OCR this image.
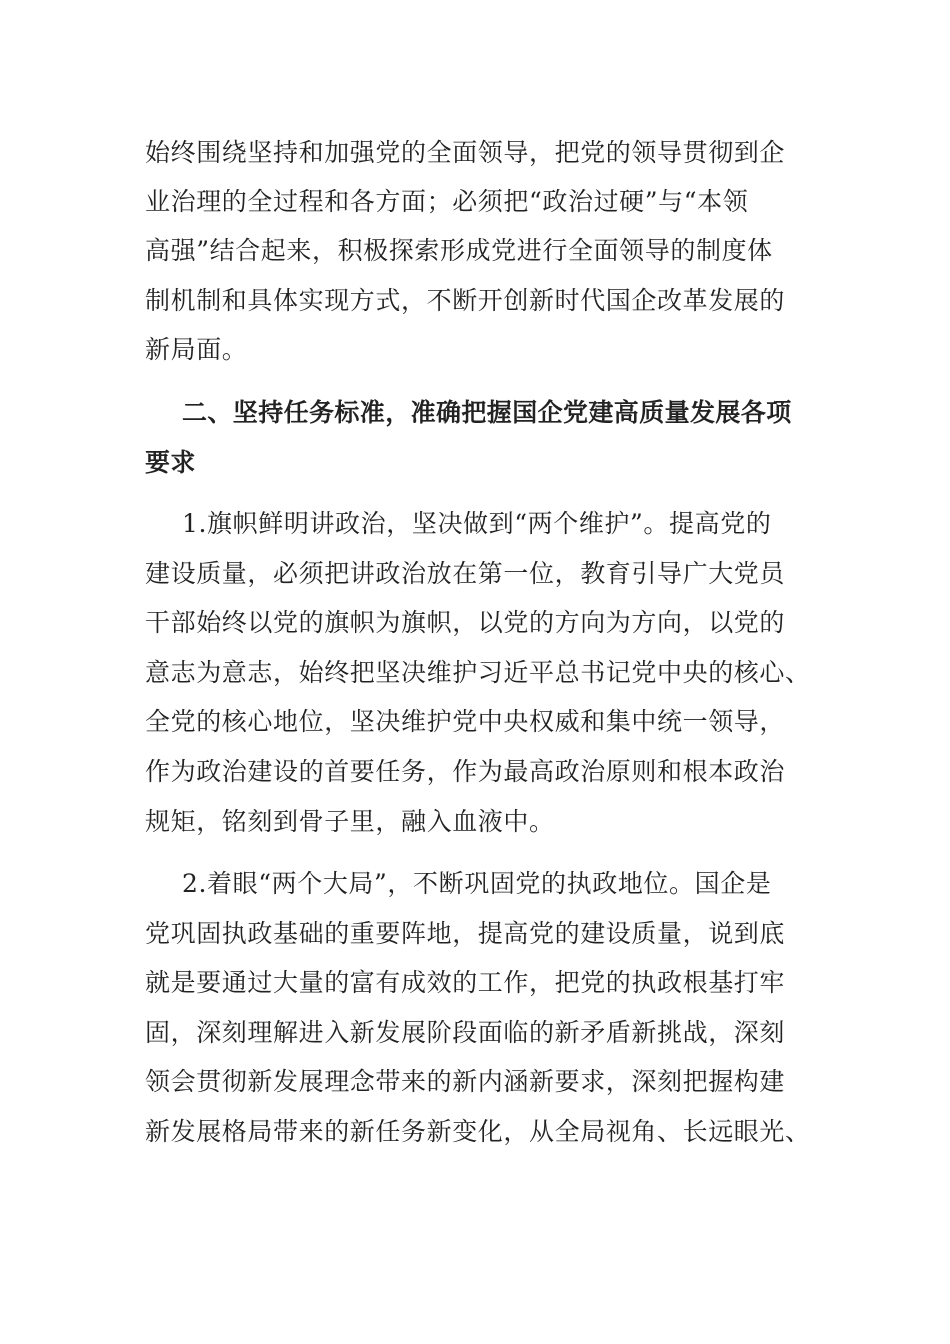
始终围绕坚持和加强党的全面领导，把党的领导贯彻到企
业治理的全过程和各方面；必须把“政治过硬”与“本领
高强”结合起来，积极探索形成党进行全面领导的制度体
制机制和具体实现方式，不断开创新时代国企改革发展的
新局面。
二、坚持任务标准，准确把握国企党建高质量发展各项
要求
1.旗帜鲜明讲政治，坚决做到“两个维护”。提高党的
建设质量，必须把讲政治放在第一位，教育引导广大党员
干部始终以党的旗帜为旗帜，以党的方向为方向，以党的
意志为意志，始终把坚决维护习近平总书记党中央的核心、
全党的核心地位，坚决维护党中央权威和集中统一领导，
作为政治建设的首要任务，作为最高政治原则和根本政治
规矩，铭刻到骨子里，融入血液中。
2.着眼“两个大局”，不断巩固党的执政地位。国企是
党巩固执政基础的重要阵地，提高党的建设质量，说到底
就是要通过大量的富有成效的工作，把党的执政根基打牢
固，深刻理解进入新发展阶段面临的新矛盾新挑战，深刻
领会贯彻新发展理念带来的新内涵新要求，深刻把握构建
新发展格局带来的新任务新变化，从全局视角、长远眼光、
